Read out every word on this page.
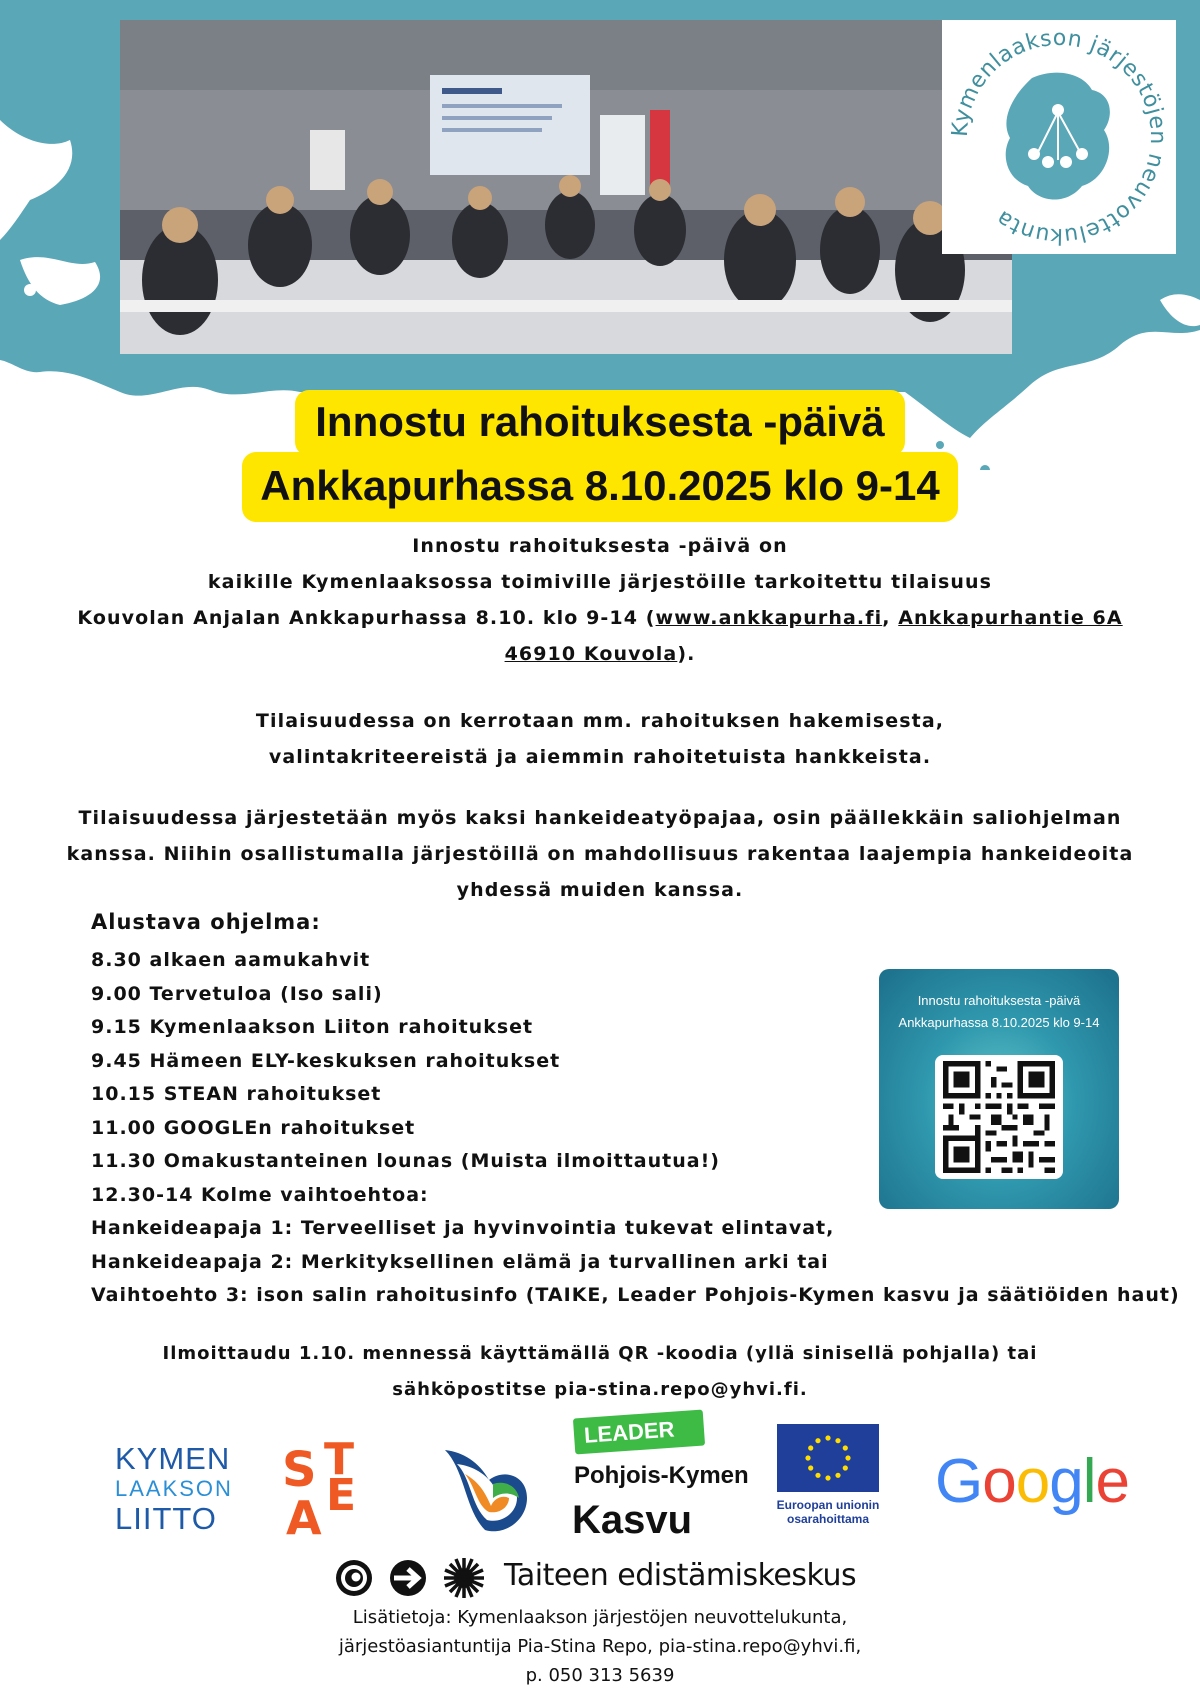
Kymenlaakson järjestöjen neuvottelukunta
Innostu rahoituksesta -päivä
Ankkapurhassa 8.10.2025 klo 9-14

Innostu rahoituksesta -päivä on

kaikille Kymenlaaksossa toimiville järjestöille tarkoitettu tilaisuus

Kouvolan Anjalan Ankkapurhassa 8.10. klo 9-14 (www.ankkapurha.fi, Ankkapurhantie 6A

46910 Kouvola).

Tilaisuudessa on kerrotaan mm. rahoituksen hakemisesta,

valintakriteereistä ja aiemmin rahoitetuista hankkeista.

Tilaisuudessa järjestetään myös kaksi hankeideatyöpajaa, osin päällekkäin saliohjelman

kanssa. Niihin osallistumalla järjestöillä on mahdollisuus rakentaa laajempia hankeideoita

yhdessä muiden kanssa.

Alustava ohjelma:
8.30 alkaen aamukahvit
9.00 Tervetuloa (Iso sali)
9.15 Kymenlaakson Liiton rahoitukset
9.45 Hämeen ELY-keskuksen rahoitukset
10.15 STEAN rahoitukset
11.00 GOOGLEn rahoitukset
11.30 Omakustanteinen lounas (Muista ilmoittautua!)
12.30-14 Kolme vaihtoehtoa:
Hankeideapaja 1: Terveelliset ja hyvinvointia tukevat elintavat,
Hankeideapaja 2: Merkityksellinen elämä ja turvallinen arki tai
Vaihtoehto 3: ison salin rahoitusinfo (TAIKE, Leader Pohjois-Kymen kasvu ja säätiöiden haut)
Innostu rahoituksesta -päivä
Ankkapurhassa 8.10.2025 klo 9-14

Ilmoittaudu 1.10. mennessä käyttämällä QR -koodia (yllä sinisellä pohjalla) tai

sähköpostitse pia-stina.repo@yhvi.fi.

KYMEN
LAAKSON
LIITTO
S T
E
A
LEADER
Pohjois-Kymen
Kasvu	Euroopan unionin
osarahoittama
Google
Taiteen edistämiskeskus

Lisätietoja: Kymenlaakson järjestöjen neuvottelukunta,

järjestöasiantuntija Pia-Stina Repo, pia-stina.repo@yhvi.fi,

p. 050 313 5639
